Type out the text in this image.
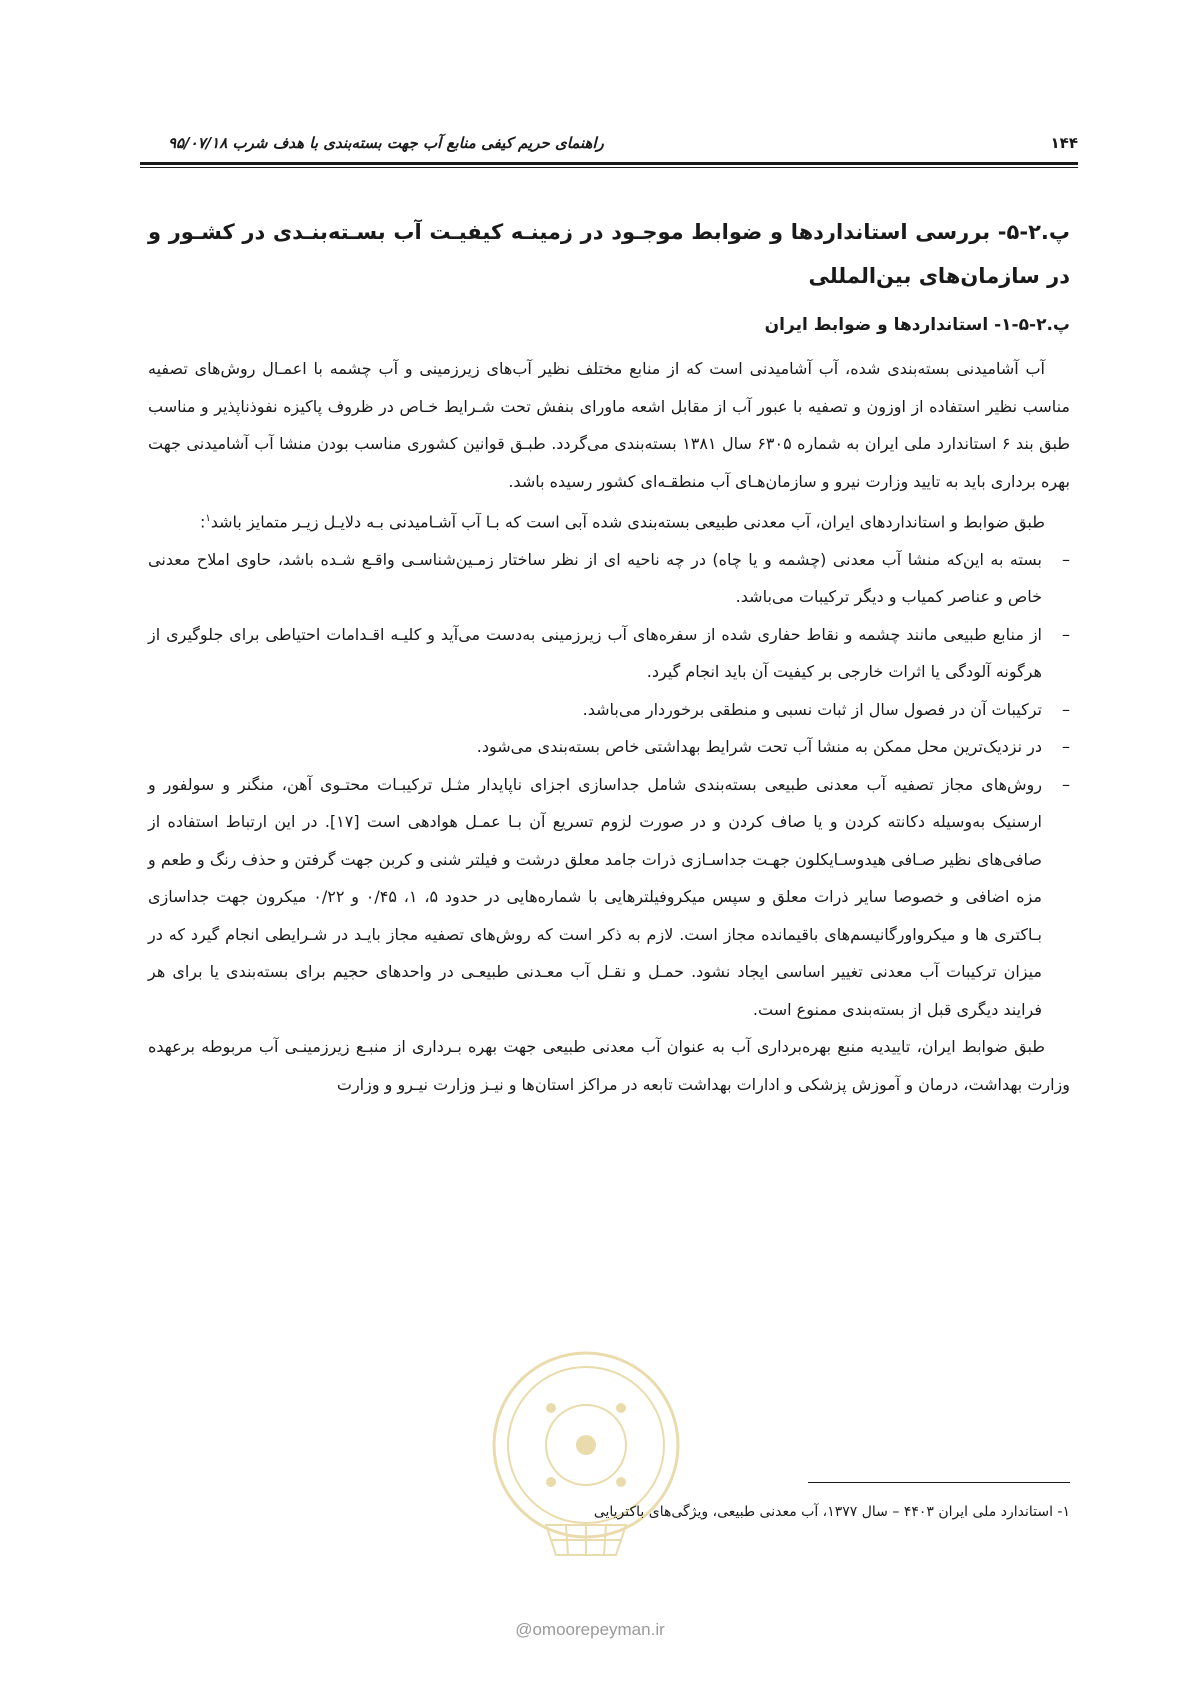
۱۴۴
راهنمای حریم کیفی منابع آب جهت بسته‌بندی با هدف شرب ۹۵/۰۷/۱۸
پ.۲-۵- بررسی استانداردها و ضوابط موجـود در زمینـه کیفیـت آب بسـته‌بنـدی در کشـور و در سازمان‌های بین‌المللی
پ.۲-۵-۱- استانداردها و ضوابط ایران

آب آشامیدنی بسته‌بندی شده، آب آشامیدنی است که از منابع مختلف نظیر آب‌های زیرزمینی و آب چشمه با اعمـال روش‌های تصفیه مناسب نظیر استفاده از اوزون و تصفیه با عبور آب از مقابل اشعه ماورای بنفش تحت شـرایط خـاص در ظروف پاکیزه نفوذناپذیر و مناسب طبق بند ۶ استاندارد ملی ایران به شماره ۶۳۰۵ سال ۱۳۸۱ بسته‌بندی می‌گردد. طبـق قوانین کشوری مناسب بودن منشا آب آشامیدنی جهت بهره برداری باید به تایید وزارت نیرو و سازمان‌هـای آب منطقـه‌ای کشور رسیده باشد.

طبق ضوابط و استانداردهای ایران، آب معدنی طبیعی بسته‌بندی شده آبی است که بـا آب آشـامیدنی بـه دلایـل زیـر متمایز باشد$^۱$:

–
بسته به این‌که منشا آب معدنی (چشمه و یا چاه) در چه ناحیه ای از نظر ساختار زمـین‌شناسـی واقـع شـده باشد، حاوی املاح معدنی خاص و عناصر کمیاب و دیگر ترکیبات می‌باشد.
–
از منابع طبیعی مانند چشمه و نقاط حفاری شده از سفره‌های آب زیرزمینی به‌دست می‌آید و کلیـه اقـدامات احتیاطی برای جلوگیری از هرگونه آلودگی یا اثرات خارجی بر کیفیت آن باید انجام گیرد.
–
ترکیبات آن در فصول سال از ثبات نسبی و منطقی برخوردار می‌باشد.
–
در نزدیک‌ترین محل ممکن به منشا آب تحت شرایط بهداشتی خاص بسته‌بندی می‌شود.
–
روش‌های مجاز تصفیه آب معدنی طبیعی بسته‌بندی شامل جداسازی اجزای ناپایدار مثـل ترکیبـات محتـوی آهن، منگنر و سولفور و ارسنیک به‌وسیله دکانته کردن و یا صاف کردن و در صورت لزوم تسریع آن بـا عمـل هوادهی است [۱۷]. در این ارتباط استفاده از صافی‌های نظیر صـافی هیدوسـایکلون جهـت جداسـازی ذرات جامد معلق درشت و فیلتر شنی و کربن جهت گرفتن و حذف رنگ و طعم و مزه اضافی و خصوصا سایر ذرات معلق و سپس میکروفیلترهایی با شماره‌هایی در حدود ۵، ۱، ۰/۴۵ و ۰/۲۲ میکرون جهت جداسازی بـاکتری ها و میکرواورگانیسم‌های باقیمانده مجاز است. لازم به ذکر است که روش‌های تصفیه مجاز بایـد در شـرایطی انجام گیرد که در میزان ترکیبات آب معدنی تغییر اساسی ایجاد نشود. حمـل و نقـل آب معـدنی طبیعـی در واحدهای حجیم برای بسته‌بندی یا برای هر فرایند دیگری قبل از بسته‌بندی ممنوع است.

طبق ضوابط ایران، تاییدیه منبع بهره‌برداری آب به عنوان آب معدنی طبیعی جهت بهره بـرداری از منبـع زیرزمینـی آب مربوطه برعهده وزارت بهداشت، درمان و آموزش پزشکی و ادارات بهداشت تابعه در مراکز استان‌ها و نیـز وزارت نیـرو و وزارت

@omoorepeyman.ir
۱- استاندارد ملی ایران ۴۴۰۳ – سال ۱۳۷۷، آب معدنی طبیعی، ویژگی‌های باکتریایی
